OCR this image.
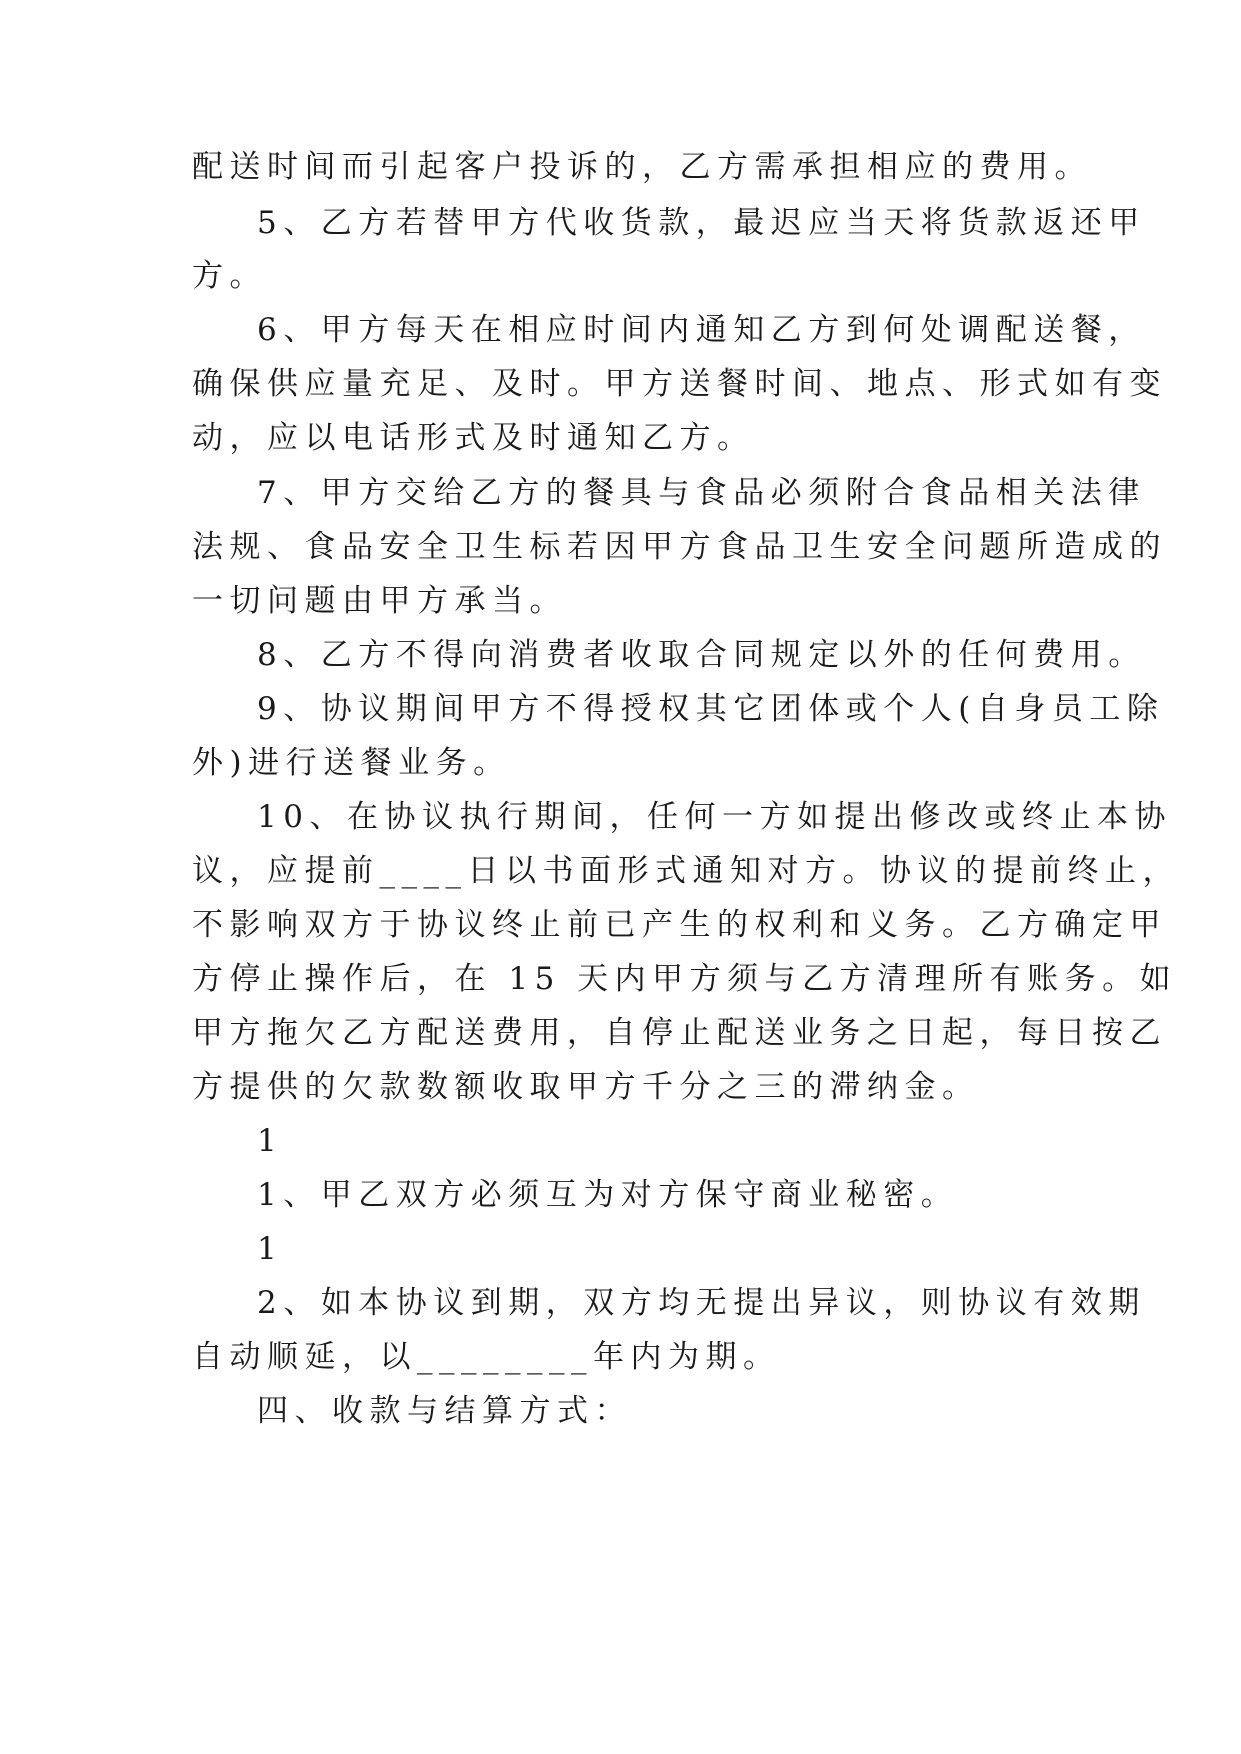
配送时间而引起客户投诉的，乙方需承担相应的费用。
5、乙方若替甲方代收货款，最迟应当天将货款返还甲
方。
6、甲方每天在相应时间内通知乙方到何处调配送餐，
确保供应量充足、及时。甲方送餐时间、地点、形式如有变
动，应以电话形式及时通知乙方。
7、甲方交给乙方的餐具与食品必须附合食品相关法律
法规、食品安全卫生标若因甲方食品卫生安全问题所造成的
一切问题由甲方承当。
8、乙方不得向消费者收取合同规定以外的任何费用。
9、协议期间甲方不得授权其它团体或个人(自身员工除
外)进行送餐业务。
10、在协议执行期间，任何一方如提出修改或终止本协
议，应提前____日以书面形式通知对方。协议的提前终止，
不影响双方于协议终止前已产生的权利和义务。乙方确定甲
方停止操作后，在 15 天内甲方须与乙方清理所有账务。如
甲方拖欠乙方配送费用，自停止配送业务之日起，每日按乙
方提供的欠款数额收取甲方千分之三的滞纳金。
1
1、甲乙双方必须互为对方保守商业秘密。
1
2、如本协议到期，双方均无提出异议，则协议有效期
自动顺延，以________年内为期。
四、收款与结算方式：
